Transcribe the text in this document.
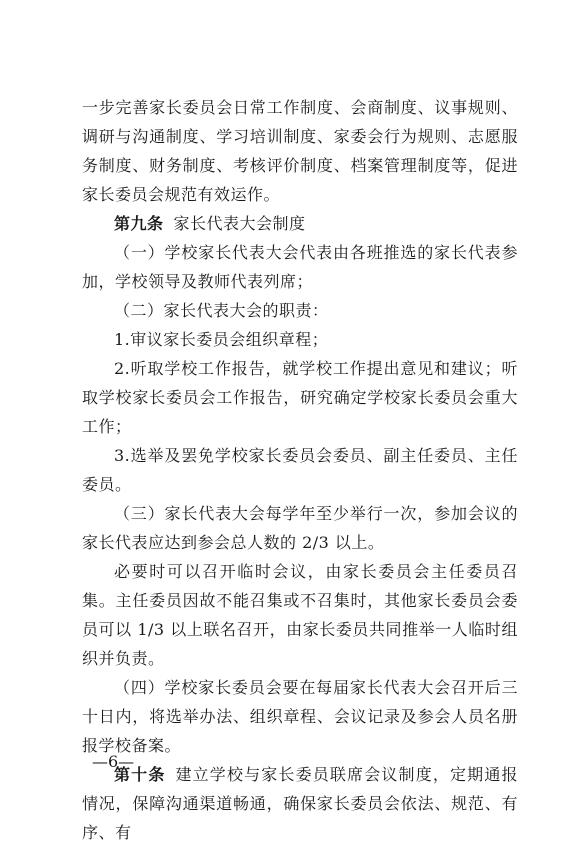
一步完善家长委员会日常工作制度、会商制度、议事规则、调研与沟通制度、学习培训制度、家委会行为规则、志愿服务制度、财务制度、考核评价制度、档案管理制度等，促进家长委员会规范有效运作。

第九条 家长代表大会制度

（一）学校家长代表大会代表由各班推选的家长代表参加，学校领导及教师代表列席；

（二）家长代表大会的职责：

1.审议家长委员会组织章程；

2.听取学校工作报告，就学校工作提出意见和建议；听取学校家长委员会工作报告，研究确定学校家长委员会重大工作；

3.选举及罢免学校家长委员会委员、副主任委员、主任委员。

（三）家长代表大会每学年至少举行一次，参加会议的家长代表应达到参会总人数的 2/3 以上。

必要时可以召开临时会议，由家长委员会主任委员召集。主任委员因故不能召集或不召集时，其他家长委员会委员可以 1/3 以上联名召开，由家长委员共同推举一人临时组织并负责。

（四）学校家长委员会要在每届家长代表大会召开后三十日内，将选举办法、组织章程、会议记录及参会人员名册报学校备案。

第十条 建立学校与家长委员联席会议制度，定期通报情况，保障沟通渠道畅通，确保家长委员会依法、规范、有序、有

—6—
